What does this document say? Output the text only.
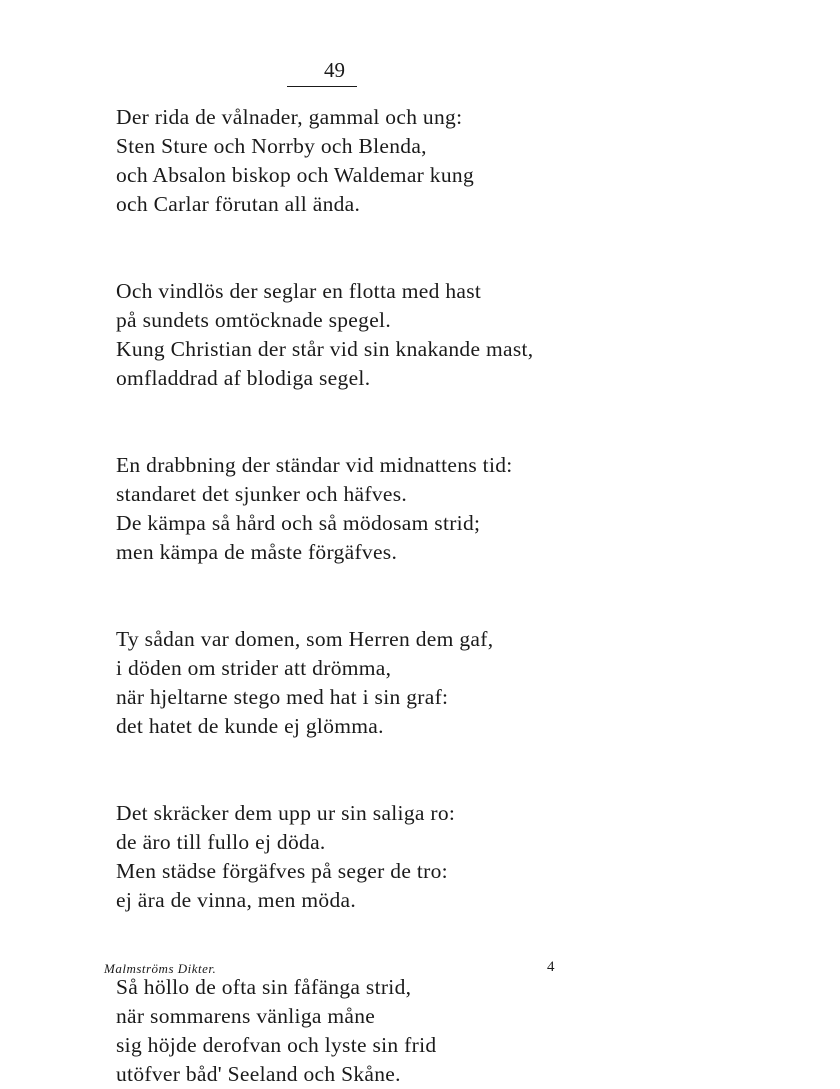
49
Der rida de vålnader, gammal och ung:
Sten Sture och Norrby och Blenda,
och Absalon biskop och Waldemar kung
och Carlar förutan all ända.
Och vindlös der seglar en flotta med hast
på sundets omtöcknade spegel.
Kung Christian der står vid sin knakande mast,
omfladdrad af blodiga segel.
En drabbning der ständar vid midnattens tid:
standaret det sjunker och häfves.
De kämpa så hård och så mödosam strid;
men kämpa de måste förgäfves.
Ty sådan var domen, som Herren dem gaf,
i döden om strider att drömma,
när hjeltarne stego med hat i sin graf:
det hatet de kunde ej glömma.
Det skräcker dem upp ur sin saliga ro:
de äro till fullo ej döda.
Men städse förgäfves på seger de tro:
ej ära de vinna, men möda.
Så höllo de ofta sin fåfänga strid,
när sommarens vänliga måne
sig höjde derofvan och lyste sin frid
utöfver båd' Seeland och Skåne.
Malmströms Dikter.	4
